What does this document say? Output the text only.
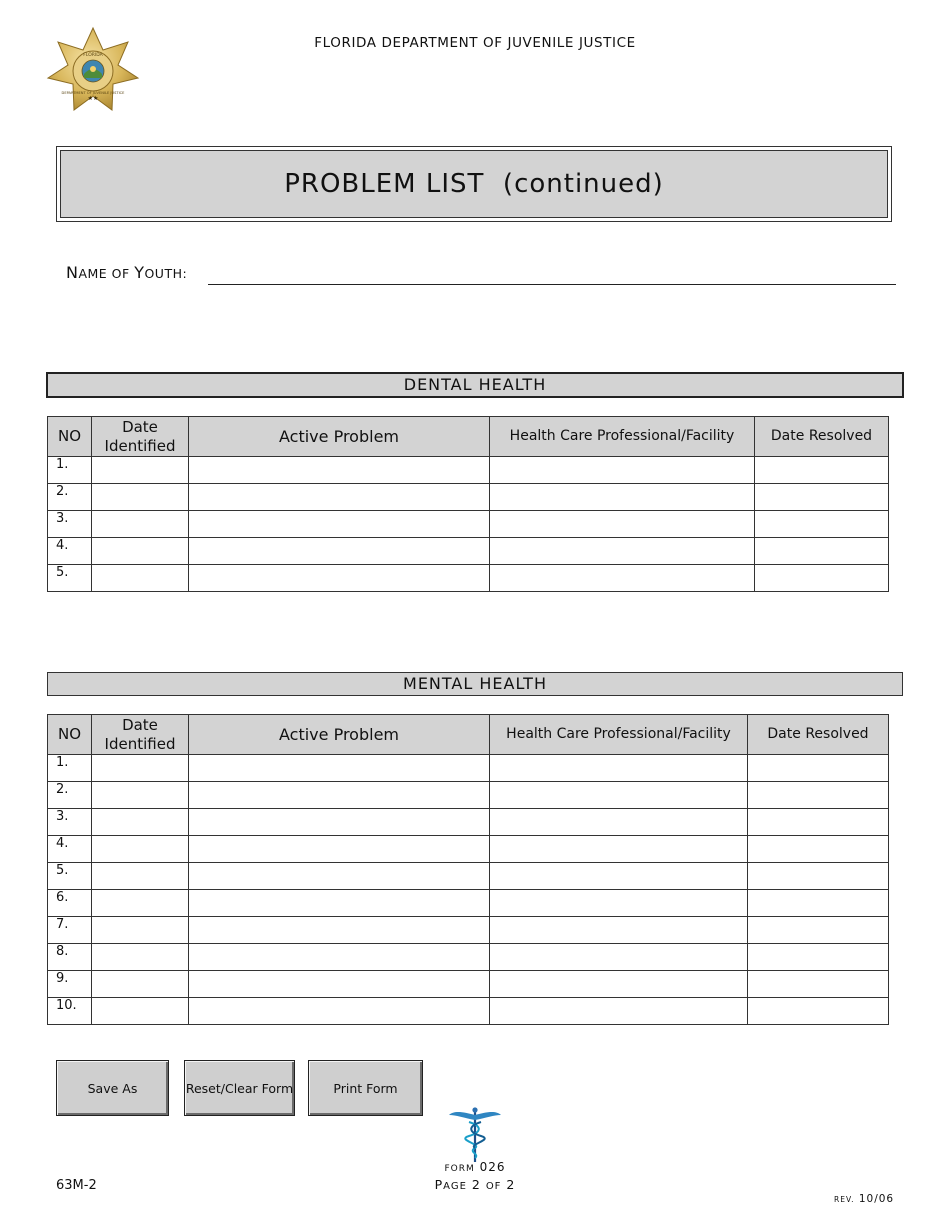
FLORIDA
DEPARTMENT OF JUVENILE JUSTICE
★★
FLORIDA DEPARTMENT OF JUVENILE JUSTICE
PROBLEM LIST  (continued)
NAME OF YOUTH:
DENTAL HEALTH
NO	Date Identified	Active Problem	Health Care Professional/Facility	Date Resolved
1.				
2.				
3.				
4.				
5.				
MENTAL HEALTH
NO	Date Identified	Active Problem	Health Care Professional/Facility	Date Resolved
1.				
2.				
3.				
4.				
5.				
6.				
7.				
8.				
9.				
10.				
Save As	Reset/Clear Form	Print Form
FORM 026
PAGE 2 OF 2
63M-2
REV. 10/06
